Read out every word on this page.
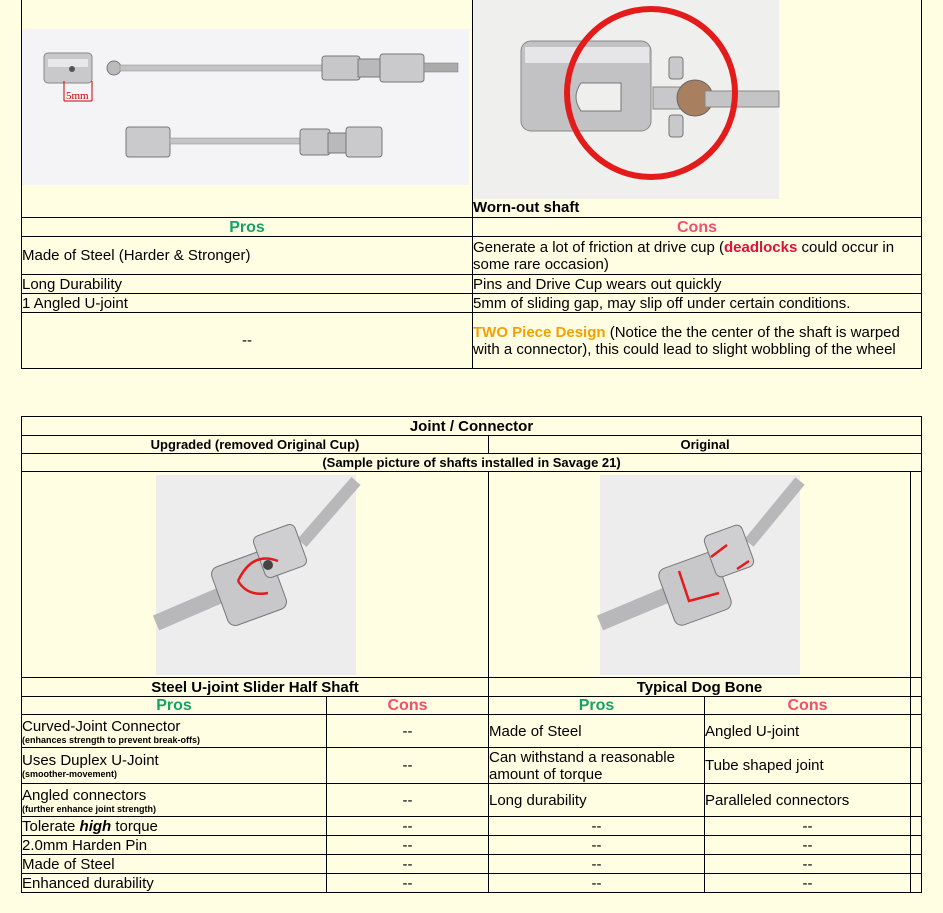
5mm	Worn-out shaft

Pros	Cons
Made of Steel (Harder & Stronger)	Generate a lot of friction at drive cup (deadlocks could occur in some rare occasion)
Long Durability	Pins and Drive Cup wears out quickly
1 Angled U-joint	5mm of sliding gap, may slip off under certain conditions.
--	TWO Piece Design (Notice the the center of the shaft is warped with a connector), this could lead to slight wobbling of the wheel
Joint / Connector				
Upgraded (removed Original Cup)		Original		
(Sample picture of shafts installed in Savage 21)				

Steel U-joint Slider Half Shaft		Typical Dog Bone		
Pros	Cons	Pros	Cons	
Curved-Joint Connector
(enhances strength to prevent break-offs)	--	Made of Steel	Angled U-joint	
Uses Duplex U-Joint
(smoother-movement)	--	Can withstand a reasonable amount of torque	Tube shaped joint	
Angled connectors
(further enhance joint strength)	--	Long durability	Paralleled connectors	
Tolerate high torque	--	--	--	
2.0mm Harden Pin	--	--	--	
Made of Steel	--	--	--	
Enhanced durability	--	--	--	
